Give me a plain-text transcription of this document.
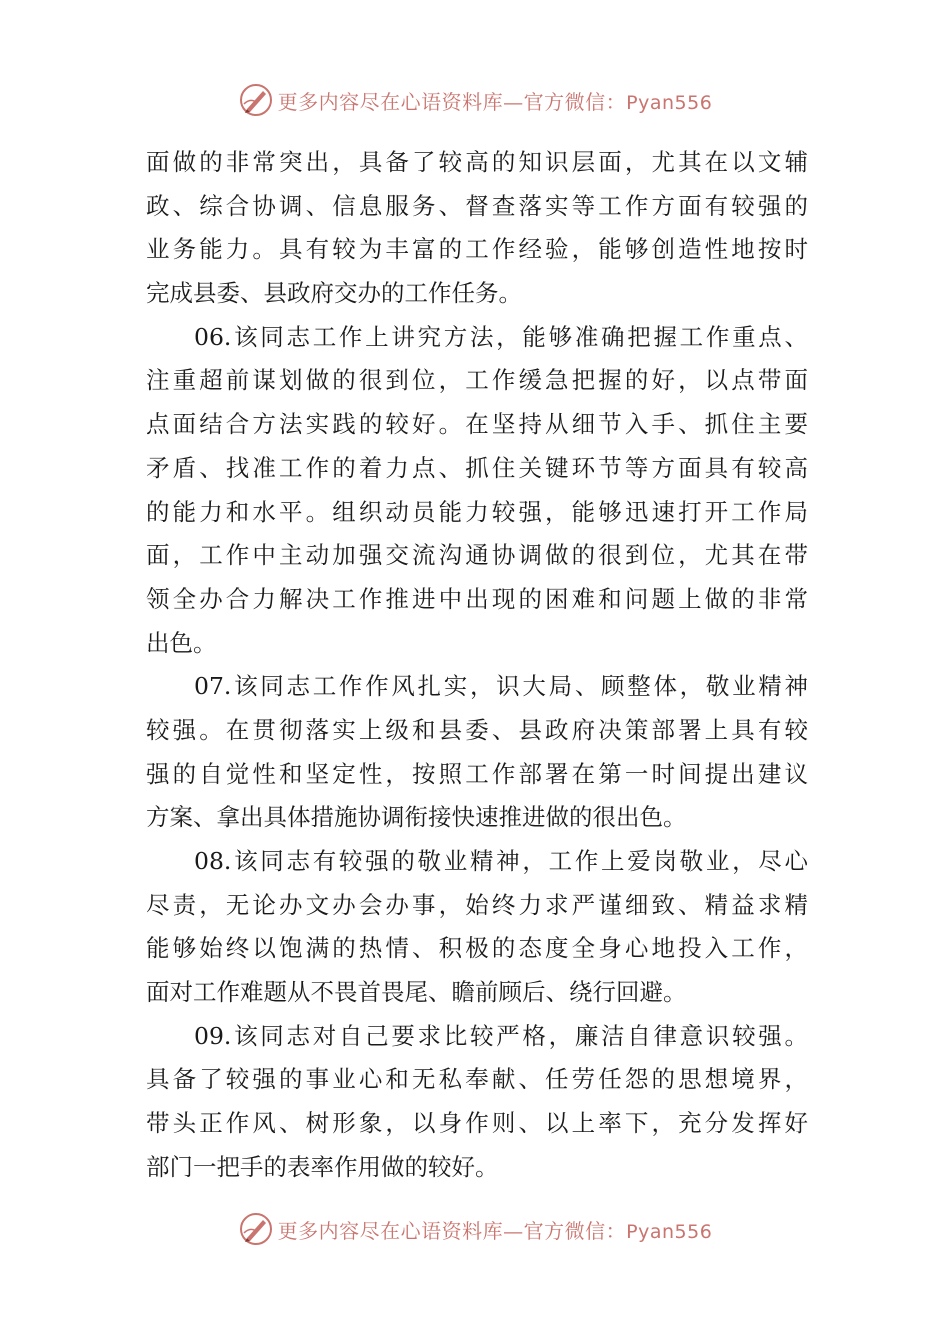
更多内容尽在心语资料库—官方微信：Pyan556
面做的非常突出，具备了较高的知识层面，尤其在以文辅
政、综合协调、信息服务、督查落实等工作方面有较强的
业务能力。具有较为丰富的工作经验，能够创造性地按时
完成县委、县政府交办的工作任务。
06.该同志工作上讲究方法，能够准确把握工作重点、
注重超前谋划做的很到位，工作缓急把握的好，以点带面
点面结合方法实践的较好。在坚持从细节入手、抓住主要
矛盾、找准工作的着力点、抓住关键环节等方面具有较高
的能力和水平。组织动员能力较强，能够迅速打开工作局
面，工作中主动加强交流沟通协调做的很到位，尤其在带
领全办合力解决工作推进中出现的困难和问题上做的非常
出色。
07.该同志工作作风扎实，识大局、顾整体，敬业精神
较强。在贯彻落实上级和县委、县政府决策部署上具有较
强的自觉性和坚定性，按照工作部署在第一时间提出建议
方案、拿出具体措施协调衔接快速推进做的很出色。
08.该同志有较强的敬业精神，工作上爱岗敬业，尽心
尽责，无论办文办会办事，始终力求严谨细致、精益求精
能够始终以饱满的热情、积极的态度全身心地投入工作，
面对工作难题从不畏首畏尾、瞻前顾后、绕行回避。
09.该同志对自己要求比较严格，廉洁自律意识较强。
具备了较强的事业心和无私奉献、任劳任怨的思想境界，
带头正作风、树形象，以身作则、以上率下，充分发挥好
部门一把手的表率作用做的较好。
更多内容尽在心语资料库—官方微信：Pyan556
